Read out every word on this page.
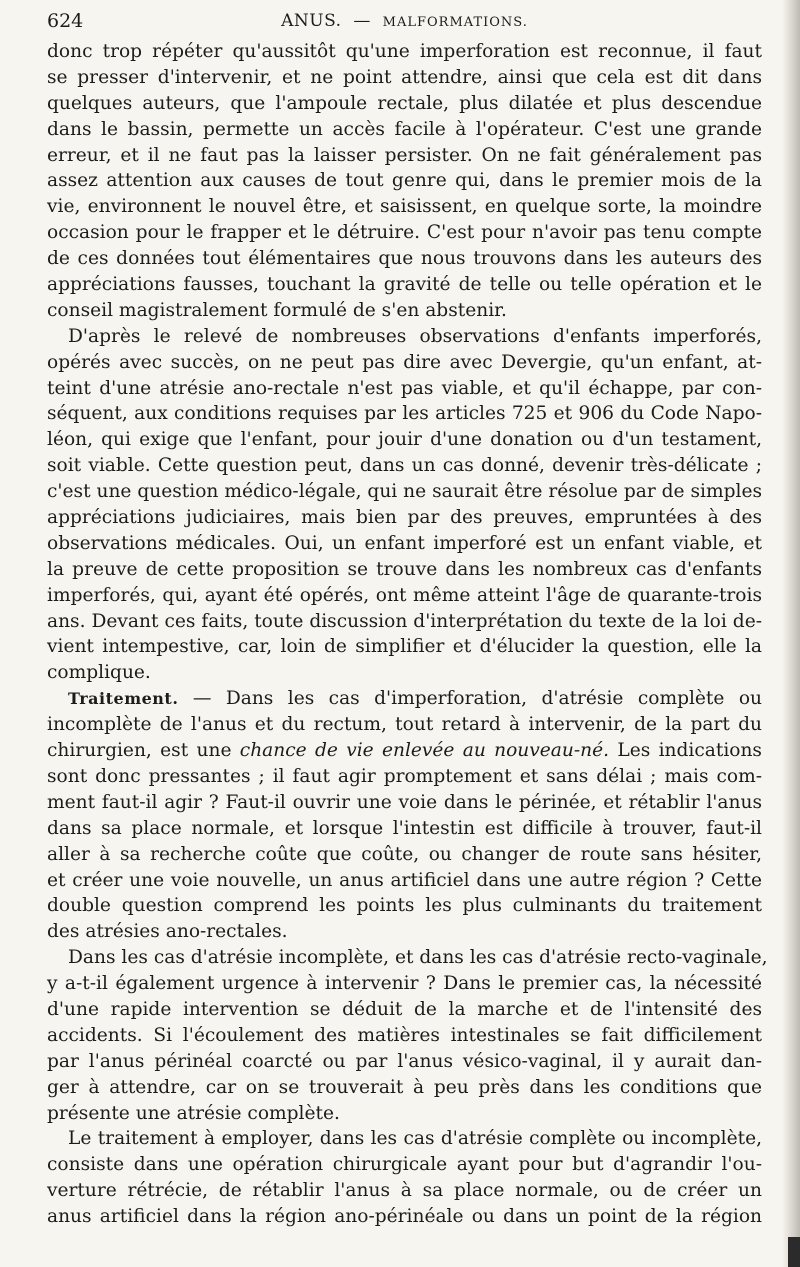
624	ANUS. — MALFORMATIONS.
donc trop répéter qu'aussitôt qu'une imperforation est reconnue, il faut
se presser d'intervenir, et ne point attendre, ainsi que cela est dit dans
quelques auteurs, que l'ampoule rectale, plus dilatée et plus descendue
dans le bassin, permette un accès facile à l'opérateur. C'est une grande
erreur, et il ne faut pas la laisser persister. On ne fait généralement pas
assez attention aux causes de tout genre qui, dans le premier mois de la
vie, environnent le nouvel être, et saisissent, en quelque sorte, la moindre
occasion pour le frapper et le détruire. C'est pour n'avoir pas tenu compte
de ces données tout élémentaires que nous trouvons dans les auteurs des
appréciations fausses, touchant la gravité de telle ou telle opération et le
conseil magistralement formulé de s'en abstenir.
D'après le relevé de nombreuses observations d'enfants imperforés,
opérés avec succès, on ne peut pas dire avec Devergie, qu'un enfant, at-
teint d'une atrésie ano-rectale n'est pas viable, et qu'il échappe, par con-
séquent, aux conditions requises par les articles 725 et 906 du Code Napo-
léon, qui exige que l'enfant, pour jouir d'une donation ou d'un testament,
soit viable. Cette question peut, dans un cas donné, devenir très-délicate ;
c'est une question médico-légale, qui ne saurait être résolue par de simples
appréciations judiciaires, mais bien par des preuves, empruntées à des
observations médicales. Oui, un enfant imperforé est un enfant viable, et
la preuve de cette proposition se trouve dans les nombreux cas d'enfants
imperforés, qui, ayant été opérés, ont même atteint l'âge de quarante-trois
ans. Devant ces faits, toute discussion d'interprétation du texte de la loi de-
vient intempestive, car, loin de simplifier et d'élucider la question, elle la
complique.
Traitement. — Dans les cas d'imperforation, d'atrésie complète ou
incomplète de l'anus et du rectum, tout retard à intervenir, de la part du
chirurgien, est une chance de vie enlevée au nouveau-né. Les indications
sont donc pressantes ; il faut agir promptement et sans délai ; mais com-
ment faut-il agir ? Faut-il ouvrir une voie dans le périnée, et rétablir l'anus
dans sa place normale, et lorsque l'intestin est difficile à trouver, faut-il
aller à sa recherche coûte que coûte, ou changer de route sans hésiter,
et créer une voie nouvelle, un anus artificiel dans une autre région ? Cette
double question comprend les points les plus culminants du traitement
des atrésies ano-rectales.
Dans les cas d'atrésie incomplète, et dans les cas d'atrésie recto-vaginale,
y a-t-il également urgence à intervenir ? Dans le premier cas, la nécessité
d'une rapide intervention se déduit de la marche et de l'intensité des
accidents. Si l'écoulement des matières intestinales se fait difficilement
par l'anus périnéal coarcté ou par l'anus vésico-vaginal, il y aurait dan-
ger à attendre, car on se trouverait à peu près dans les conditions que
présente une atrésie complète.
Le traitement à employer, dans les cas d'atrésie complète ou incomplète,
consiste dans une opération chirurgicale ayant pour but d'agrandir l'ou-
verture rétrécie, de rétablir l'anus à sa place normale, ou de créer un
anus artificiel dans la région ano-périnéale ou dans un point de la région
